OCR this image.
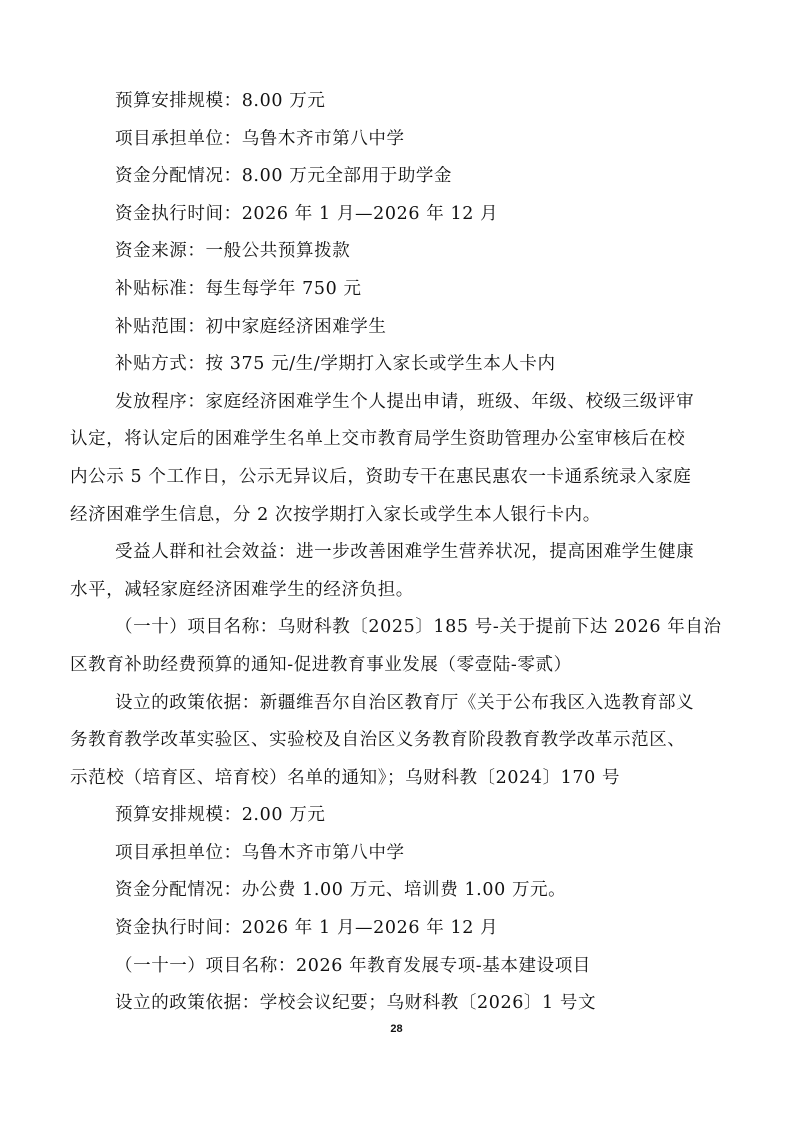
预算安排规模：8.00 万元
项目承担单位：乌鲁木齐市第八中学
资金分配情况：8.00 万元全部用于助学金
资金执行时间：2026 年 1 月—2026 年 12 月
资金来源：一般公共预算拨款
补贴标准：每生每学年 750 元
补贴范围：初中家庭经济困难学生
补贴方式：按 375 元/生/学期打入家长或学生本人卡内
发放程序：家庭经济困难学生个人提出申请，班级、年级、校级三级评审
认定，将认定后的困难学生名单上交市教育局学生资助管理办公室审核后在校
内公示 5 个工作日，公示无异议后，资助专干在惠民惠农一卡通系统录入家庭
经济困难学生信息，分 2 次按学期打入家长或学生本人银行卡内。
受益人群和社会效益：进一步改善困难学生营养状况，提高困难学生健康
水平，减轻家庭经济困难学生的经济负担。
（一十）项目名称：乌财科教〔2025〕185 号-关于提前下达 2026 年自治
区教育补助经费预算的通知-促进教育事业发展（零壹陆-零贰）
设立的政策依据：新疆维吾尔自治区教育厅《关于公布我区入选教育部义
务教育教学改革实验区、实验校及自治区义务教育阶段教育教学改革示范区、
示范校（培育区、培育校）名单的通知》；乌财科教〔2024〕170 号
预算安排规模：2.00 万元
项目承担单位：乌鲁木齐市第八中学
资金分配情况：办公费 1.00 万元、培训费 1.00 万元。
资金执行时间：2026 年 1 月—2026 年 12 月
（一十一）项目名称：2026 年教育发展专项-基本建设项目
设立的政策依据：学校会议纪要；乌财科教〔2026〕1 号文
28
